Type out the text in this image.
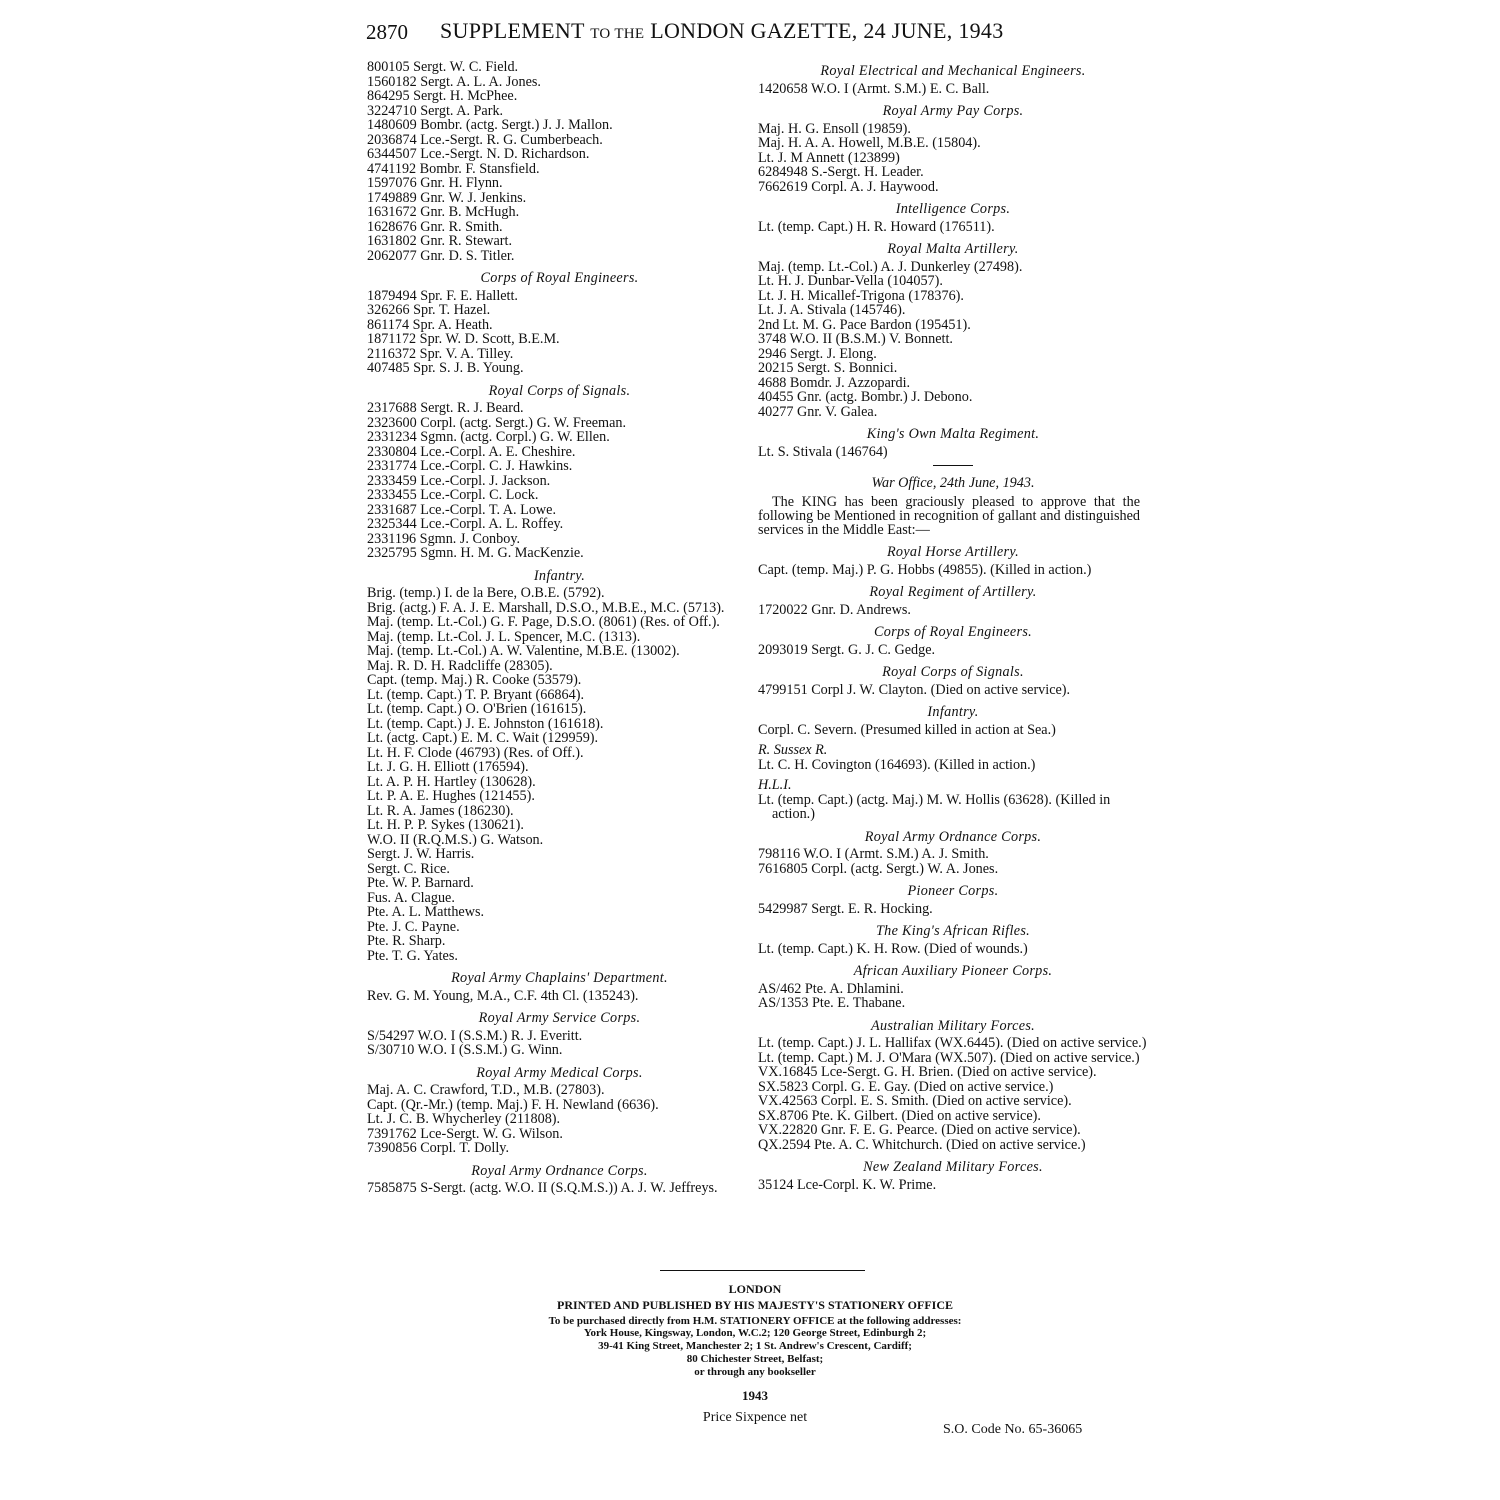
2870 SUPPLEMENT TO THE LONDON GAZETTE, 24 JUNE, 1943
800105 Sergt. W. C. Field.
1560182 Sergt. A. L. A. Jones.
864295 Sergt. H. McPhee.
3224710 Sergt. A. Park.
1480609 Bombr. (actg. Sergt.) J. J. Mallon.
2036874 Lce.-Sergt. R. G. Cumberbeach.
6344507 Lce.-Sergt. N. D. Richardson.
4741192 Bombr. F. Stansfield.
1597076 Gnr. H. Flynn.
1749889 Gnr. W. J. Jenkins.
1631672 Gnr. B. McHugh.
1628676 Gnr. R. Smith.
1631802 Gnr. R. Stewart.
2062077 Gnr. D. S. Titler.
Corps of Royal Engineers.
1879494 Spr. F. E. Hallett.
326266 Spr. T. Hazel.
861174 Spr. A. Heath.
1871172 Spr. W. D. Scott, B.E.M.
2116372 Spr. V. A. Tilley.
407485 Spr. S. J. B. Young.
Royal Corps of Signals.
2317688 Sergt. R. J. Beard.
2323600 Corpl. (actg. Sergt.) G. W. Freeman.
2331234 Sgmn. (actg. Corpl.) G. W. Ellen.
2330804 Lce.-Corpl. A. E. Cheshire.
2331774 Lce.-Corpl. C. J. Hawkins.
2333459 Lce.-Corpl. J. Jackson.
2333455 Lce.-Corpl. C. Lock.
2331687 Lce.-Corpl. T. A. Lowe.
2325344 Lce.-Corpl. A. L. Roffey.
2331196 Sgmn. J. Conboy.
2325795 Sgmn. H. M. G. MacKenzie.
Infantry.
Brig. (temp.) I. de la Bere, O.B.E. (5792).
Brig. (actg.) F. A. J. E. Marshall, D.S.O., M.B.E., M.C. (5713).
Maj. (temp. Lt.-Col.) G. F. Page, D.S.O. (8061) (Res. of Off.).
Maj. (temp. Lt.-Col. J. L. Spencer, M.C. (1313).
Maj. (temp. Lt.-Col.) A. W. Valentine, M.B.E. (13002).
Maj. R. D. H. Radcliffe (28305).
Capt. (temp. Maj.) R. Cooke (53579).
Lt. (temp. Capt.) T. P. Bryant (66864).
Lt. (temp. Capt.) O. O'Brien (161615).
Lt. (temp. Capt.) J. E. Johnston (161618).
Lt. (actg. Capt.) E. M. C. Wait (129959).
Lt. H. F. Clode (46793) (Res. of Off.).
Lt. J. G. H. Elliott (176594).
Lt. A. P. H. Hartley (130628).
Lt. P. A. E. Hughes (121455).
Lt. R. A. James (186230).
Lt. H. P. P. Sykes (130621).
W.O. II (R.Q.M.S.) G. Watson.
Sergt. J. W. Harris.
Sergt. C. Rice.
Pte. W. P. Barnard.
Fus. A. Clague.
Pte. A. L. Matthews.
Pte. J. C. Payne.
Pte. R. Sharp.
Pte. T. G. Yates.
Royal Army Chaplains' Department.
Rev. G. M. Young, M.A., C.F. 4th Cl. (135243).
Royal Army Service Corps.
S/54297 W.O. I (S.S.M.) R. J. Everitt.
S/30710 W.O. I (S.S.M.) G. Winn.
Royal Army Medical Corps.
Maj. A. C. Crawford, T.D., M.B. (27803).
Capt. (Qr.-Mr.) (temp. Maj.) F. H. Newland (6636).
Lt. J. C. B. Whycherley (211808).
7391762 Lce-Sergt. W. G. Wilson.
7390856 Corpl. T. Dolly.
Royal Army Ordnance Corps.
7585875 S-Sergt. (actg. W.O. II (S.Q.M.S.)) A. J. W. Jeffreys.
Royal Electrical and Mechanical Engineers.
1420658 W.O. I (Armt. S.M.) E. C. Ball.
Royal Army Pay Corps.
Maj. H. G. Ensoll (19859).
Maj. H. A. A. Howell, M.B.E. (15804).
Lt. J. M Annett (123899)
6284948 S.-Sergt. H. Leader.
7662619 Corpl. A. J. Haywood.
Intelligence Corps.
Lt. (temp. Capt.) H. R. Howard (176511).
Royal Malta Artillery.
Maj. (temp. Lt.-Col.) A. J. Dunkerley (27498).
Lt. H. J. Dunbar-Vella (104057).
Lt. J. H. Micallef-Trigona (178376).
Lt. J. A. Stivala (145746).
2nd Lt. M. G. Pace Bardon (195451).
3748 W.O. II (B.S.M.) V. Bonnett.
2946 Sergt. J. Elong.
20215 Sergt. S. Bonnici.
4688 Bomdr. J. Azzopardi.
40455 Gnr. (actg. Bombr.) J. Debono.
40277 Gnr. V. Galea.
King's Own Malta Regiment.
Lt. S. Stivala (146764)
War Office, 24th June, 1943.
The KING has been graciously pleased to approve that the following be Mentioned in recognition of gallant and distinguished services in the Middle East:—
Royal Horse Artillery.
Capt. (temp. Maj.) P. G. Hobbs (49855). (Killed in action.)
Royal Regiment of Artillery.
1720022 Gnr. D. Andrews.
Corps of Royal Engineers.
2093019 Sergt. G. J. C. Gedge.
Royal Corps of Signals.
4799151 Corpl J. W. Clayton. (Died on active service).
Infantry.
Corpl. C. Severn. (Presumed killed in action at Sea.)
R. Sussex R.
Lt. C. H. Covington (164693). (Killed in action.)
H.L.I.
Lt. (temp. Capt.) (actg. Maj.) M. W. Hollis (63628). (Killed in action.)
Royal Army Ordnance Corps.
798116 W.O. I (Armt. S.M.) A. J. Smith.
7616805 Corpl. (actg. Sergt.) W. A. Jones.
Pioneer Corps.
5429987 Sergt. E. R. Hocking.
The King's African Rifles.
Lt. (temp. Capt.) K. H. Row. (Died of wounds.)
African Auxiliary Pioneer Corps.
AS/462 Pte. A. Dhlamini.
AS/1353 Pte. E. Thabane.
Australian Military Forces.
Lt. (temp. Capt.) J. L. Hallifax (WX.6445). (Died on active service.)
Lt. (temp. Capt.) M. J. O'Mara (WX.507). (Died on active service.)
VX.16845 Lce-Sergt. G. H. Brien. (Died on active service).
SX.5823 Corpl. G. E. Gay. (Died on active service.)
VX.42563 Corpl. E. S. Smith. (Died on active service).
SX.8706 Pte. K. Gilbert. (Died on active service).
VX.22820 Gnr. F. E. G. Pearce. (Died on active service).
QX.2594 Pte. A. C. Whitchurch. (Died on active service.)
New Zealand Military Forces.
35124 Lce-Corpl. K. W. Prime.
LONDON
PRINTED AND PUBLISHED BY HIS MAJESTY'S STATIONERY OFFICE
To be purchased directly from H.M. STATIONERY OFFICE at the following addresses:
York House, Kingsway, London, W.C.2; 120 George Street, Edinburgh 2;
39-41 King Street, Manchester 2; 1 St. Andrew's Crescent, Cardiff;
80 Chichester Street, Belfast;
or through any bookseller
1943
Price Sixpence net
S.O. Code No. 65-36065
